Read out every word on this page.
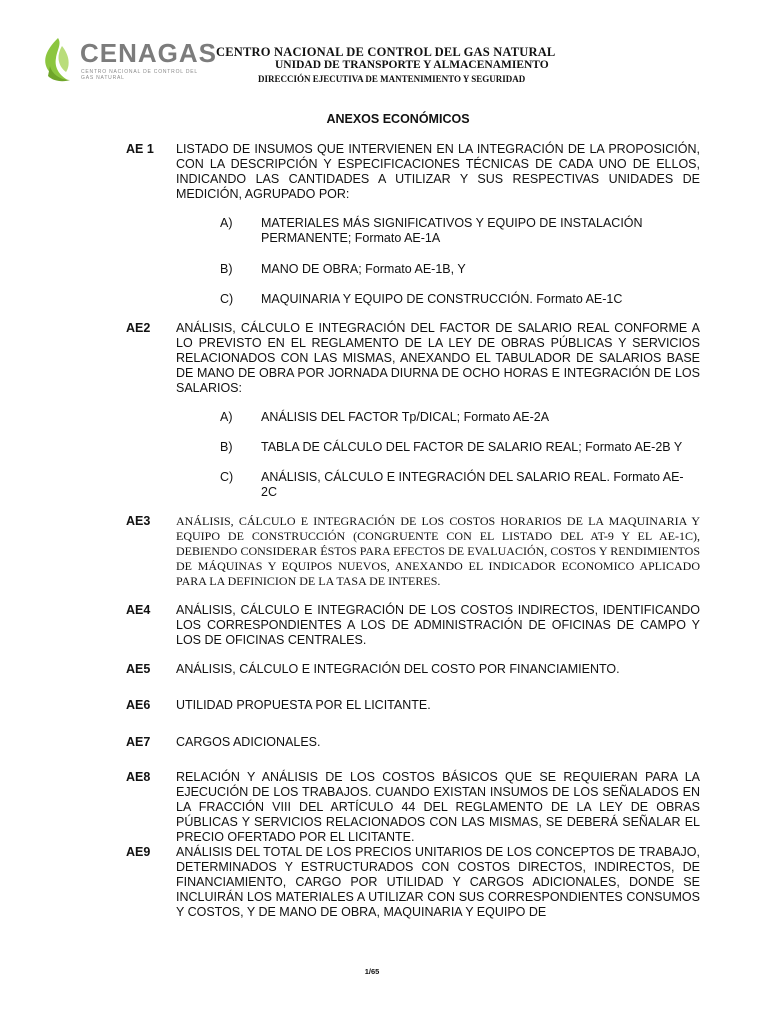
CENAGAS
CENTRO NACIONAL DE CONTROL DEL GAS NATURAL
CENTRO NACIONAL DE CONTROL DEL GAS NATURAL
UNIDAD DE TRANSPORTE Y ALMACENAMIENTO
DIRECCIÓN EJECUTIVA DE MANTENIMIENTO Y SEGURIDAD
ANEXOS ECONÓMICOS
AE 1 LISTADO DE INSUMOS QUE INTERVIENEN EN LA INTEGRACIÓN DE LA PROPOSICIÓN, CON LA DESCRIPCIÓN Y ESPECIFICACIONES TÉCNICAS DE CADA UNO DE ELLOS, INDICANDO LAS CANTIDADES A UTILIZAR Y SUS RESPECTIVAS UNIDADES DE MEDICIÓN, AGRUPADO POR:
A) MATERIALES MÁS SIGNIFICATIVOS Y EQUIPO DE INSTALACIÓN PERMANENTE; Formato AE-1A
B) MANO DE OBRA; Formato AE-1B, Y
C) MAQUINARIA Y EQUIPO DE CONSTRUCCIÓN. Formato AE-1C
AE2 ANÁLISIS, CÁLCULO E INTEGRACIÓN DEL FACTOR DE SALARIO REAL CONFORME A LO PREVISTO EN EL REGLAMENTO DE LA LEY DE OBRAS PÚBLICAS Y SERVICIOS RELACIONADOS CON LAS MISMAS, ANEXANDO EL TABULADOR DE SALARIOS BASE DE MANO DE OBRA POR JORNADA DIURNA DE OCHO HORAS E INTEGRACIÓN DE LOS SALARIOS:
A) ANÁLISIS DEL FACTOR Tp/DICAL; Formato AE-2A
B) TABLA DE CÁLCULO DEL FACTOR DE SALARIO REAL; Formato AE-2B Y
C) ANÁLISIS, CÁLCULO E INTEGRACIÓN DEL SALARIO REAL. Formato AE-2C
AE3 ANÁLISIS, CÁLCULO E INTEGRACIÓN DE LOS COSTOS HORARIOS DE LA MAQUINARIA Y EQUIPO DE CONSTRUCCIÓN (CONGRUENTE CON EL LISTADO DEL AT-9 Y EL AE-1C), DEBIENDO CONSIDERAR ÉSTOS PARA EFECTOS DE EVALUACIÓN, COSTOS Y RENDIMIENTOS DE MÁQUINAS Y EQUIPOS NUEVOS, ANEXANDO EL INDICADOR ECONOMICO APLICADO PARA LA DEFINICION DE LA TASA DE INTERES.
AE4 ANÁLISIS, CÁLCULO E INTEGRACIÓN DE LOS COSTOS INDIRECTOS, IDENTIFICANDO LOS CORRESPONDIENTES A LOS DE ADMINISTRACIÓN DE OFICINAS DE CAMPO Y LOS DE OFICINAS CENTRALES.
AE5 ANÁLISIS, CÁLCULO E INTEGRACIÓN DEL COSTO POR FINANCIAMIENTO.
AE6 UTILIDAD PROPUESTA POR EL LICITANTE.
AE7 CARGOS ADICIONALES.
AE8 RELACIÓN Y ANÁLISIS DE LOS COSTOS BÁSICOS QUE SE REQUIERAN PARA LA EJECUCIÓN DE LOS TRABAJOS. CUANDO EXISTAN INSUMOS DE LOS SEÑALADOS EN LA FRACCIÓN VIII DEL ARTÍCULO 44 DEL REGLAMENTO DE LA LEY DE OBRAS PÚBLICAS Y SERVICIOS RELACIONADOS CON LAS MISMAS, SE DEBERÁ SEÑALAR EL PRECIO OFERTADO POR EL LICITANTE.
AE9 ANÁLISIS DEL TOTAL DE LOS PRECIOS UNITARIOS DE LOS CONCEPTOS DE TRABAJO, DETERMINADOS Y ESTRUCTURADOS CON COSTOS DIRECTOS, INDIRECTOS, DE FINANCIAMIENTO, CARGO POR UTILIDAD Y CARGOS ADICIONALES, DONDE SE INCLUIRÁN LOS MATERIALES A UTILIZAR CON SUS CORRESPONDIENTES CONSUMOS Y COSTOS, Y DE MANO DE OBRA, MAQUINARIA Y EQUIPO DE
1/65
